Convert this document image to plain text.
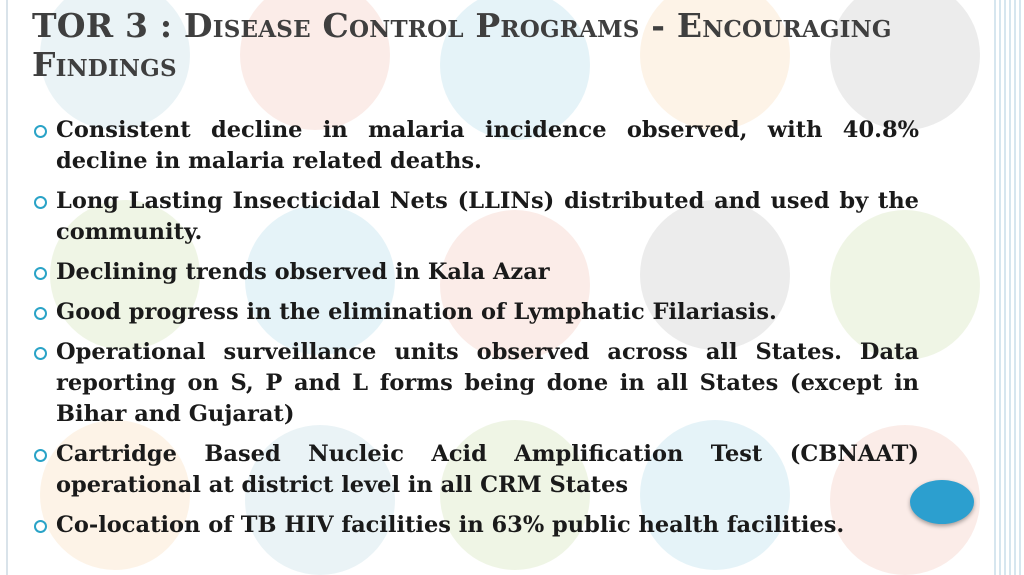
TOR 3 : Disease Control Programs - Encouraging Findings
Consistent decline in malaria incidence observed, with 40.8% decline in malaria related deaths.
Long Lasting Insecticidal Nets (LLINs) distributed and used by the community.
Declining trends observed in Kala Azar
Good progress in the elimination of Lymphatic Filariasis.
Operational surveillance units observed across all States. Data reporting on S, P and L forms being done in all States (except in Bihar and Gujarat)
Cartridge Based Nucleic Acid Amplification Test (CBNAAT) operational at district level in all CRM States
Co-location of TB HIV facilities in 63% public health facilities.
